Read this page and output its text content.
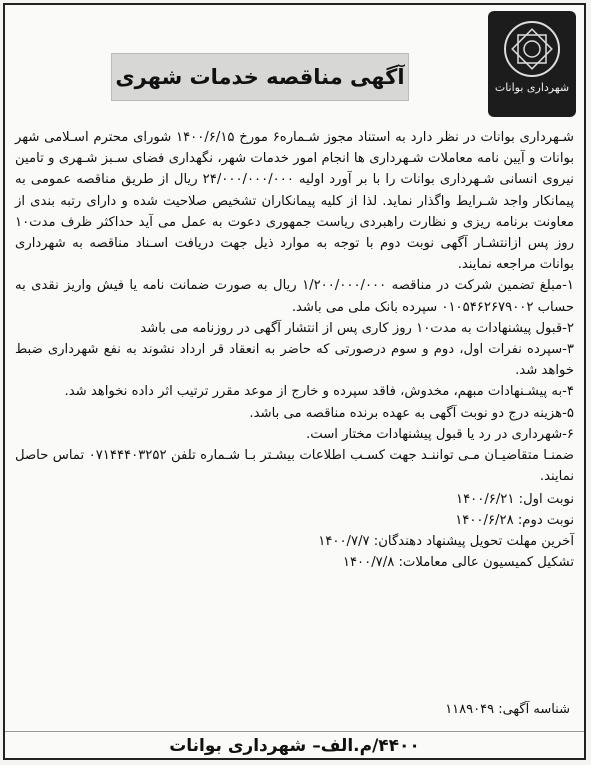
شهرداری بوانات
آگهی مناقصه خدمات شهری

شـهرداری بوانات در نظر دارد به استناد مجوز شـماره۶ مورخ ۱۴۰۰/۶/۱۵ شورای محترم اسـلامی شهر بوانات و آیین نامه معاملات شـهرداری ها انجام امور خدمات شهر، نگهداری فضای سـبز شـهری و تامین نیروی انسانی شـهرداری بوانات را با بر آورد اولیه ۲۴/۰۰۰/۰۰۰/۰۰۰ ریال از طریق مناقصه عمومی به پیمانکار واجد شـرایط واگذار نماید. لذا از کلیه پیمانکاران تشخیص صلاحیت شده و دارای رتبه بندی از معاونت برنامه ریزی و نظارت راهبردی ریاست جمهوری دعوت به عمل می آید حداکثر ظرف مدت۱۰ روز پس ازانتشـار آگهی نوبت دوم با توجه به موارد ذیل جهت دریافت اسـناد مناقصه به شهرداری بوانات مراجعه نمایند.

۱-مبلغ تضمین شرکت در مناقصه ۱/۲۰۰/۰۰۰/۰۰۰ ریال به صورت ضمانت نامه یا فیش واریز نقدی به حساب ۰۱۰۵۴۶۲۶۷۹۰۰۲ سپرده بانک ملی می باشد.

۲-قبول پیشنهادات به مدت۱۰ روز کاری پس از انتشار آگهی در روزنامه می باشد

۳-سپرده نفرات اول، دوم و سوم درصورتی که حاضر به انعقاد قر ارداد نشوند به نفع شهرداری ضبط خواهد شد.

۴-به پیشـنهادات مبهم، مخدوش، فاقد سپرده و خارج از موعد مقرر ترتیب اثر داده نخواهد شد.

۵-هزینه درج دو نوبت آگهی به عهده برنده مناقصه می باشد.

۶-شهرداری در رد یا قبول پیشنهادات مختار است.

ضمنـا متقاضیـان مـی تواننـد جهت کسـب اطلاعات بیشـتر بـا شـماره تلفن ۰۷۱۴۴۴۰۳۲۵۲ تماس حاصل نمایند.

نوبت اول: ۱۴۰۰/۶/۲۱
نوبت دوم: ۱۴۰۰/۶/۲۸
آخرین مهلت تحویل پیشنهاد دهندگان: ۱۴۰۰/۷/۷
تشکیل کمیسیون عالی معاملات: ۱۴۰۰/۷/۸
شناسه آگهی: ۱۱۸۹۰۴۹
۴۴۰۰/م.الف– شهرداری بوانات
